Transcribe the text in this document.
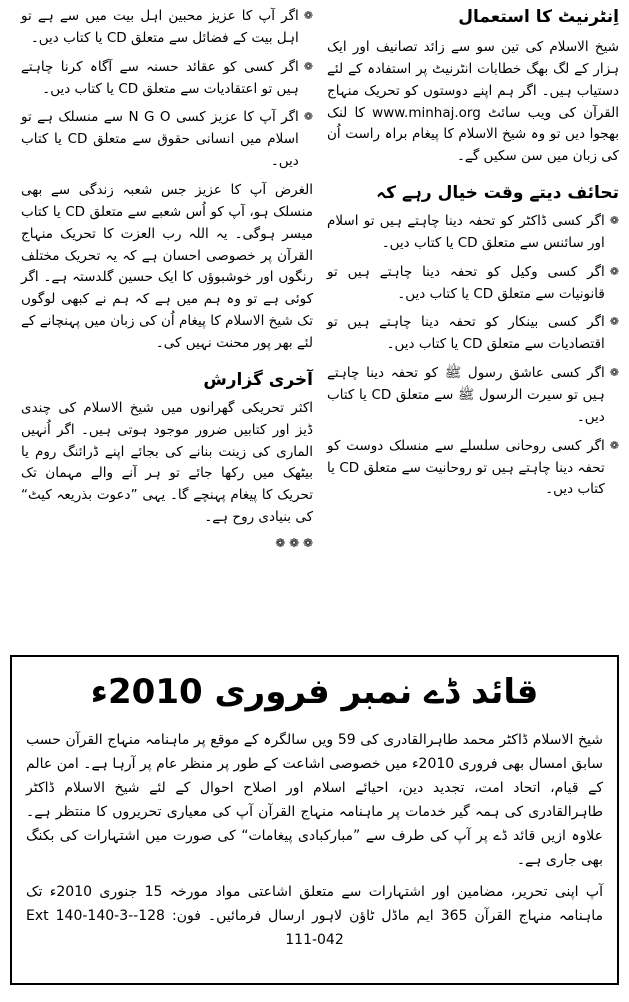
اِنٹرنیٹ کا استعمال

شیخ الاسلام کی تین سو سے زائد تصانیف اور ایک ہزار کے لگ بھگ خطابات انٹرنیٹ پر استفادہ کے لئے دستیاب ہیں۔ اگر ہم اپنے دوستوں کو تحریک منہاج القرآن کی ویب سائٹ www.minhaj.org کا لنک بھجوا دیں تو وہ شیخ الاسلام کا پیغام براہ راست اُن کی زبان میں سن سکیں گے۔

تحائف دیتے وقت خیال رہے کہ
❁
اگر کسی ڈاکٹر کو تحفہ دینا چاہتے ہیں تو اسلام اور سائنس سے متعلق CD یا کتاب دیں۔
❁
اگر کسی وکیل کو تحفہ دینا چاہتے ہیں تو قانونیات سے متعلق CD یا کتاب دیں۔
❁
اگر کسی بینکار کو تحفہ دینا چاہتے ہیں تو اقتصادیات سے متعلق CD یا کتاب دیں۔
❁
اگر کسی عاشق رسول ﷺ کو تحفہ دینا چاہتے ہیں تو سیرت الرسول ﷺ سے متعلق CD یا کتاب دیں۔
❁
اگر کسی روحانی سلسلے سے منسلک دوست کو تحفہ دینا چاہتے ہیں تو روحانیت سے متعلق CD یا کتاب دیں۔
❁
اگر آپ کا عزیز محبین اہل بیت میں سے ہے تو اہل بیت کے فضائل سے متعلق CD یا کتاب دیں۔
❁
اگر کسی کو عقائد حسنہ سے آگاہ کرنا چاہتے ہیں تو اعتقادیات سے متعلق CD یا کتاب دیں۔
❁
اگر آپ کا عزیز کسی N G O سے منسلک ہے تو اسلام میں انسانی حقوق سے متعلق CD یا کتاب دیں۔

الغرض آپ کا عزیز جس شعبہ زندگی سے بھی منسلک ہو، آپ کو اُس شعبے سے متعلق CD یا کتاب میسر ہوگی۔ یہ اللہ رب العزت کا تحریک منہاج القرآن پر خصوصی احسان ہے کہ یہ تحریک مختلف رنگوں اور خوشبوؤں کا ایک حسین گلدستہ ہے۔ اگر کوئی ہے تو وہ ہم میں ہے کہ ہم نے کبھی لوگوں تک شیخ الاسلام کا پیغام اُن کی زبان میں پہنچانے کے لئے بھر پور محنت نہیں کی۔

آخری گزارش

اکثر تحریکی گھرانوں میں شیخ الاسلام کی چندی ڈیز اور کتابیں ضرور موجود ہوتی ہیں۔ اگر اُنہیں الماری کی زینت بنانے کی بجائے اپنے ڈرائنگ روم یا بیٹھک میں رکھا جائے تو ہر آنے والے مہمان تک تحریک کا پیغام پہنچے گا۔ یہی ”دعوت بذریعہ کیٹ“ کی بنیادی روح ہے۔

❁ ❁ ❁
قائد ڈے نمبر فروری 2010ء

شیخ الاسلام ڈاکٹر محمد طاہرالقادری کی 59 ویں سالگرہ کے موقع پر ماہنامہ منہاج القرآن حسب سابق امسال بھی فروری 2010ء میں خصوصی اشاعت کے طور پر منظر عام پر آرہا ہے۔ امن عالم کے قیام، اتحاد امت، تجدید دین، احیائے اسلام اور اصلاح احوال کے لئے شیخ الاسلام ڈاکٹر طاہرالقادری کی ہمہ گیر خدمات پر ماہنامہ منہاج القرآن آپ کی معیاری تحریروں کا منتظر ہے۔ علاوہ ازیں قائد ڈے پر آپ کی طرف سے ”مبارکبادی پیغامات“ کی صورت میں اشتہارات کی بکنگ بھی جاری ہے۔

آپ اپنی تحریر، مضامین اور اشتہارات سے متعلق اشاعتی مواد مورخہ 15 جنوری 2010ء تک ماہنامہ منہاج القرآن 365 ایم ماڈل ٹاؤن لاہور ارسال فرمائیں۔ فون: 128-Ext 140-140-3-111-042
